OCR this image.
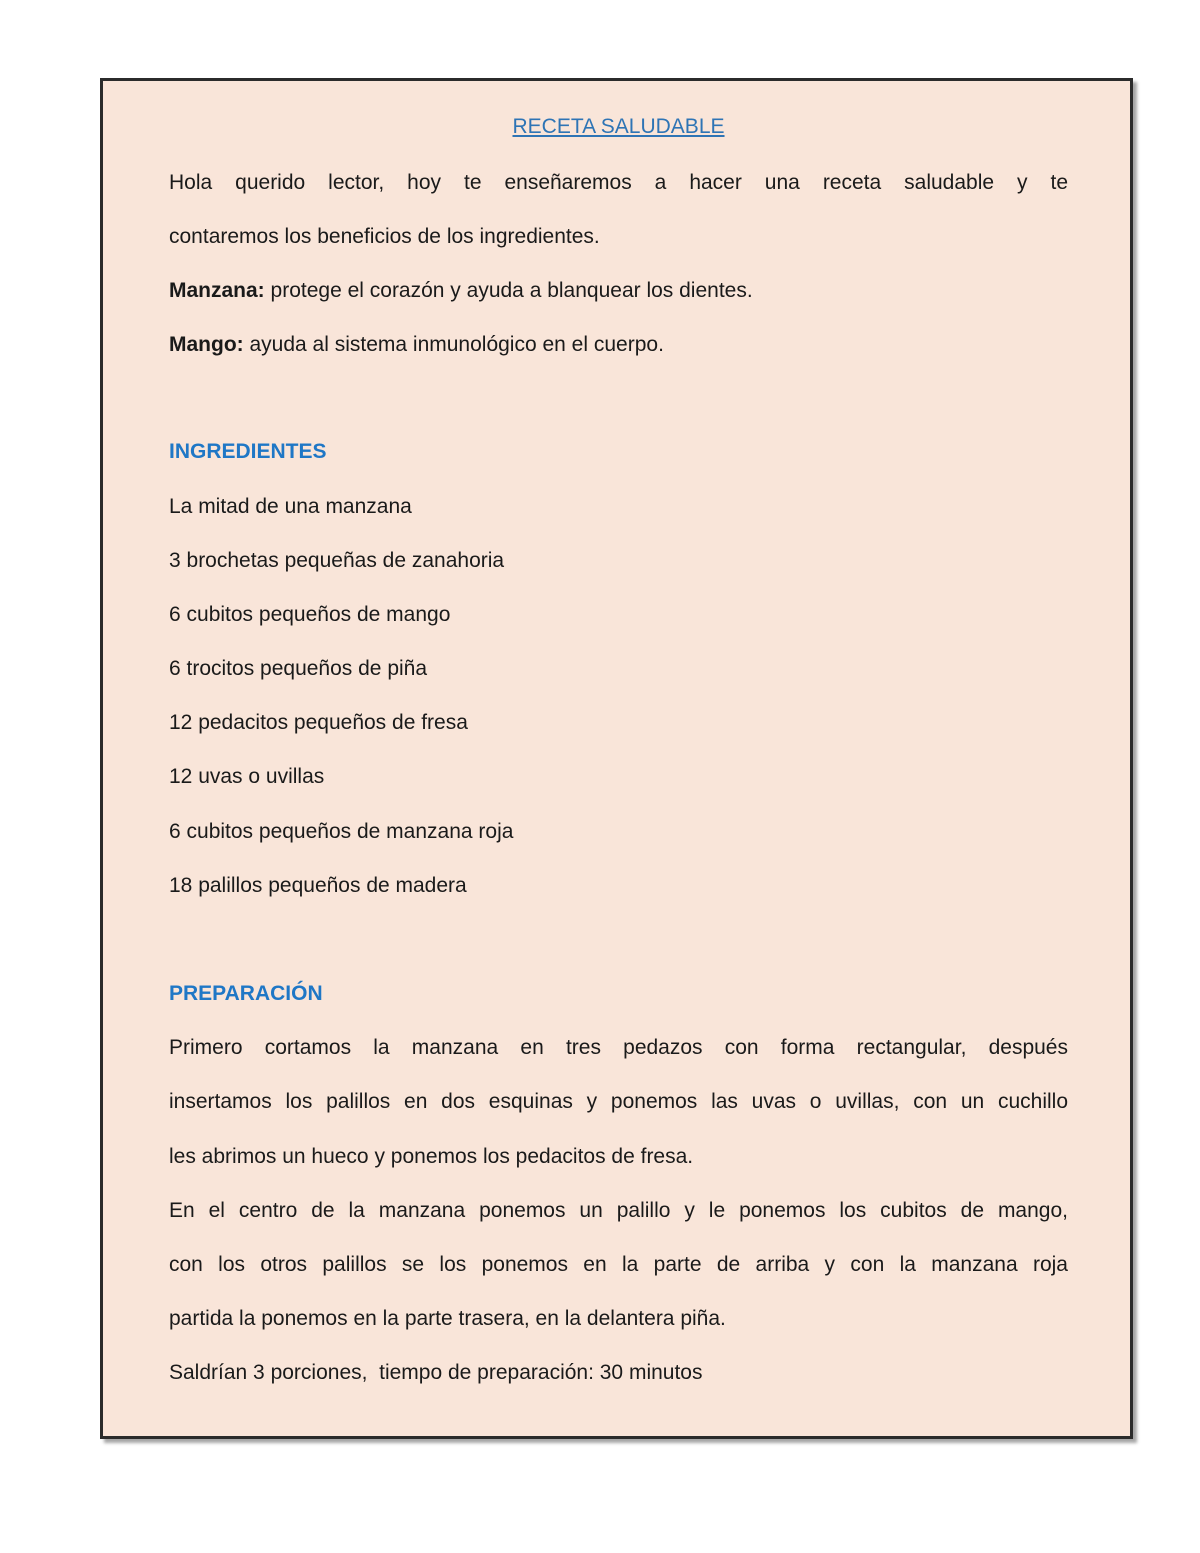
RECETA SALUDABLE
Hola querido lector, hoy te enseñaremos a hacer una receta saludable y te
contaremos los beneficios de los ingredientes.
Manzana: protege el corazón y ayuda a blanquear los dientes.
Mango: ayuda al sistema inmunológico en el cuerpo.
INGREDIENTES
La mitad de una manzana
3 brochetas pequeñas de zanahoria
6 cubitos pequeños de mango
6 trocitos pequeños de piña
12 pedacitos pequeños de fresa
12 uvas o uvillas
6 cubitos pequeños de manzana roja
18 palillos pequeños de madera
PREPARACIÓN
Primero cortamos la manzana en tres pedazos con forma rectangular, después
insertamos los palillos en dos esquinas y ponemos las uvas o uvillas, con un cuchillo
les abrimos un hueco y ponemos los pedacitos de fresa.
En el centro de la manzana ponemos un palillo y le ponemos los cubitos de mango,
con los otros palillos se los ponemos en la parte de arriba y con la manzana roja
partida la ponemos en la parte trasera, en la delantera piña.
Saldrían 3 porciones,  tiempo de preparación: 30 minutos
